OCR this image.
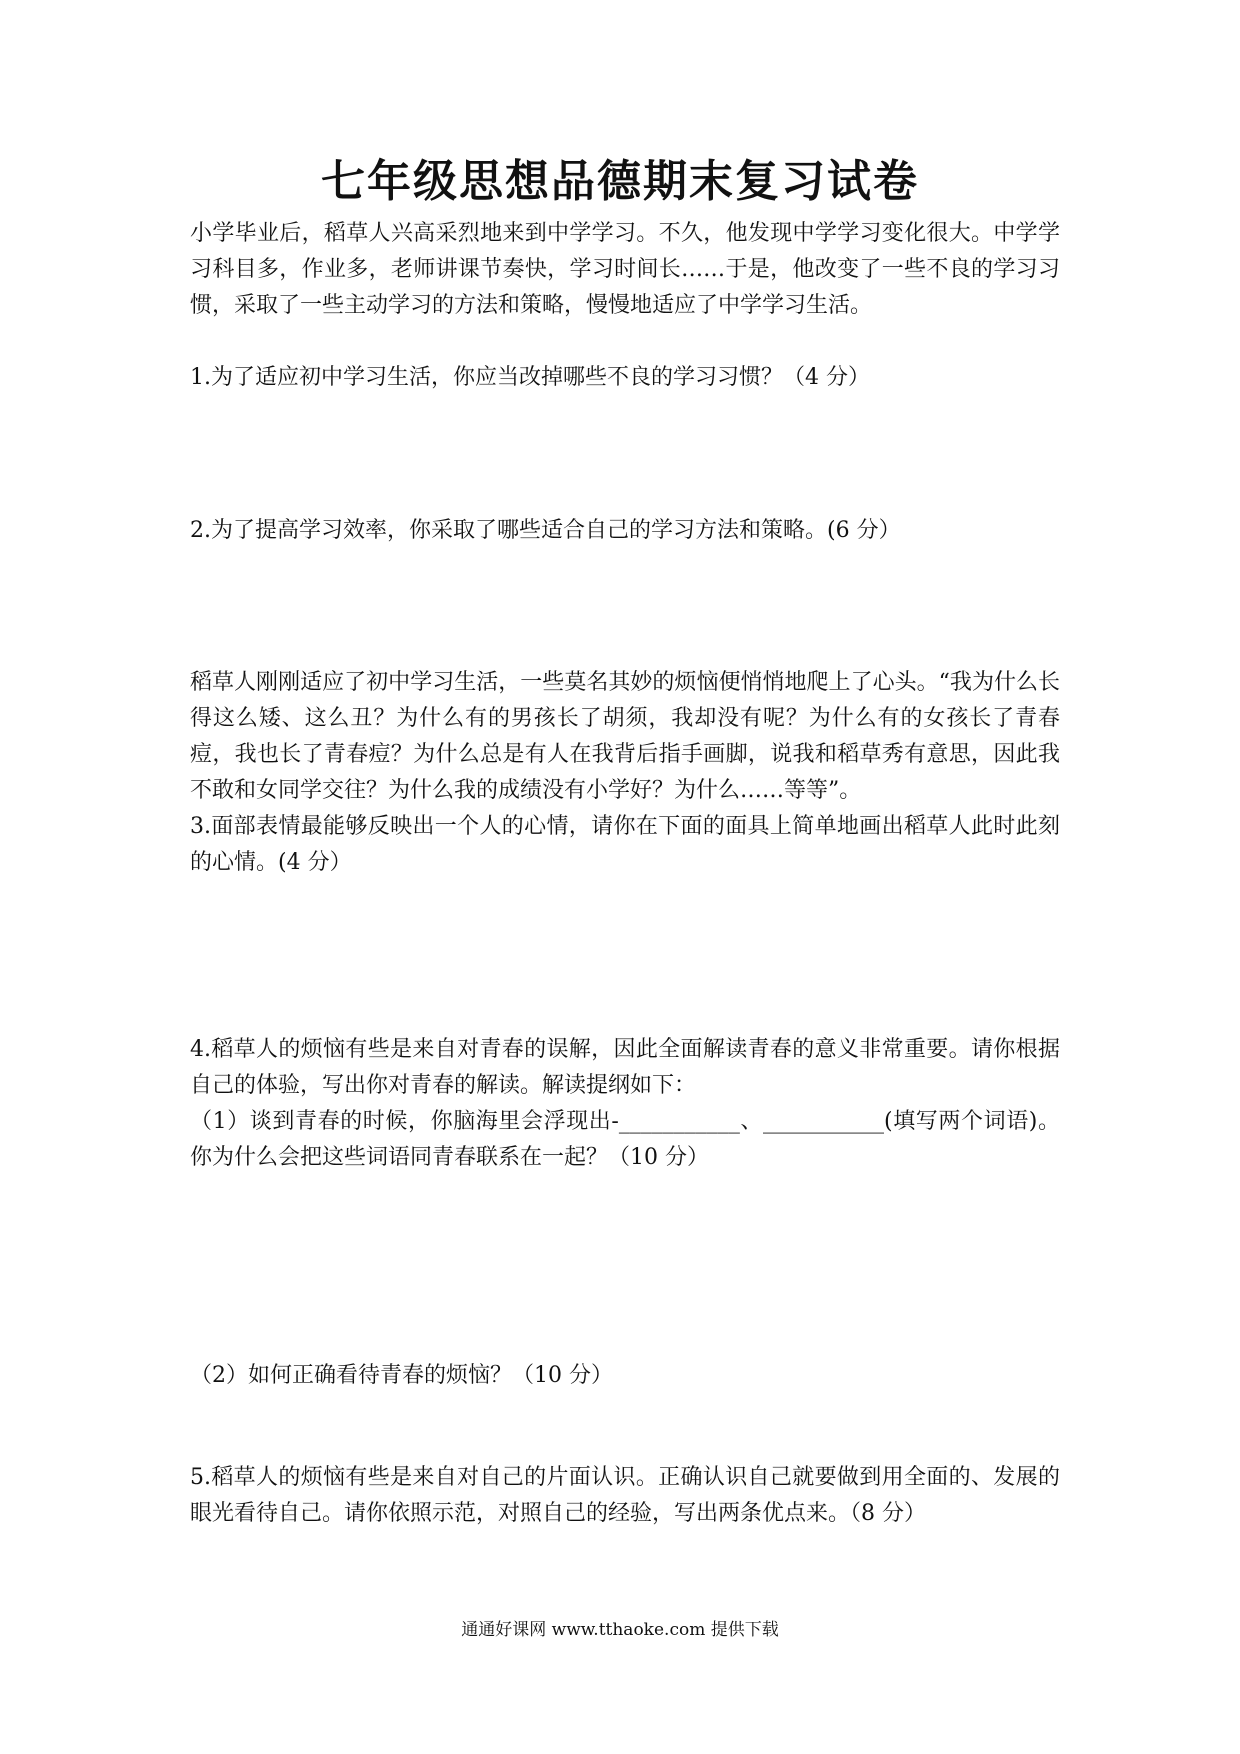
七年级思想品德期末复习试卷

小学毕业后，稻草人兴高采烈地来到中学学习。不久，他发现中学学习变化很大。中学学习科目多，作业多，老师讲课节奏快，学习时间长……于是，他改变了一些不良的学习习惯，采取了一些主动学习的方法和策略，慢慢地适应了中学学习生活。

1.为了适应初中学习生活，你应当改掉哪些不良的学习习惯？（4 分）

2.为了提高学习效率，你采取了哪些适合自己的学习方法和策略。(6 分）

稻草人刚刚适应了初中学习生活，一些莫名其妙的烦恼便悄悄地爬上了心头。“我为什么长得这么矮、这么丑？为什么有的男孩长了胡须，我却没有呢？为什么有的女孩长了青春痘，我也长了青春痘？为什么总是有人在我背后指手画脚，说我和稻草秀有意思，因此我不敢和女同学交往？为什么我的成绩没有小学好？为什么……等等”。

3.面部表情最能够反映出一个人的心情，请你在下面的面具上简单地画出稻草人此时此刻的心情。(4 分）

4.稻草人的烦恼有些是来自对青春的误解，因此全面解读青春的意义非常重要。请你根据自己的体验，写出你对青春的解读。解读提纲如下：

（1）谈到青春的时候，你脑海里会浮现出-___________、___________(填写两个词语)。你为什么会把这些词语同青春联系在一起？（10 分）

（2）如何正确看待青春的烦恼？（10 分）

5.稻草人的烦恼有些是来自对自己的片面认识。正确认识自己就要做到用全面的、发展的眼光看待自己。请你依照示范，对照自己的经验，写出两条优点来。（8 分）

通通好课网 www.tthaoke.com 提供下载
